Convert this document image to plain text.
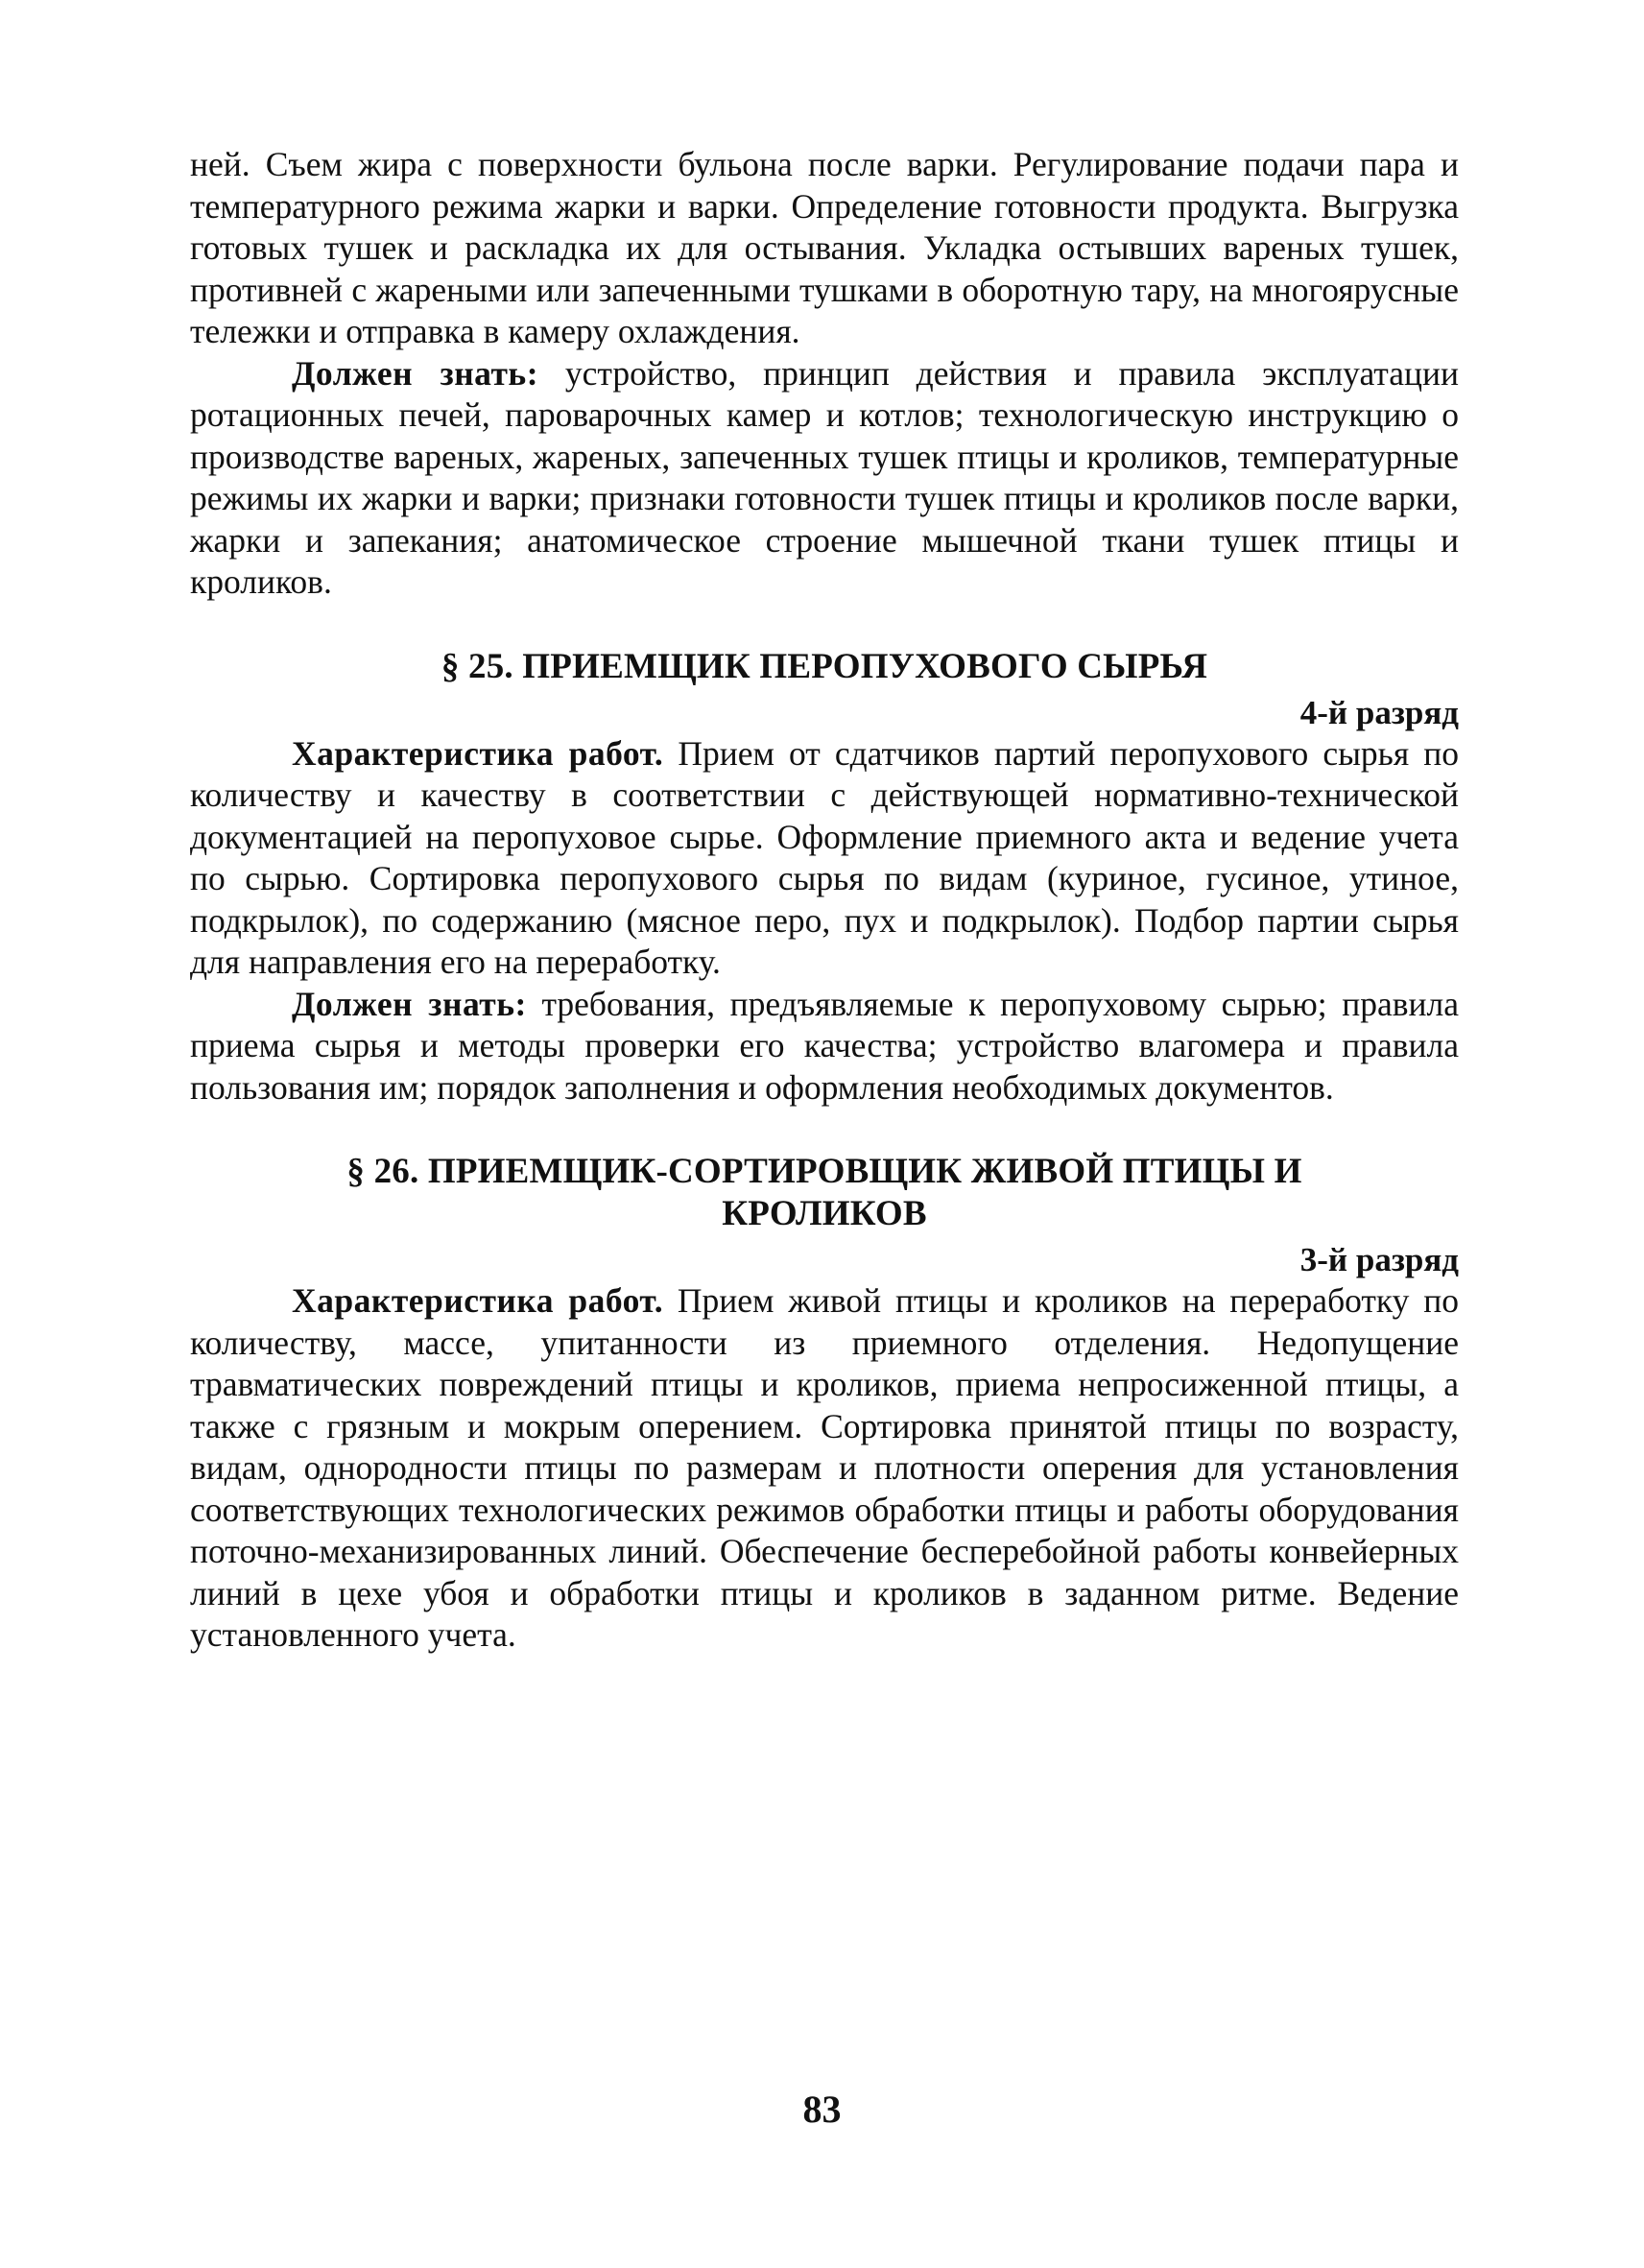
ней. Съем жира с поверхности бульона после варки. Регулирование подачи пара и температурного режима жарки и варки. Определение готовности продукта. Выгрузка готовых тушек и раскладка их для остывания. Укладка остывших вареных тушек, противней с жареными или запеченными тушками в оборотную тару, на многоярусные тележки и отправка в камеру охлаждения.

Должен знать: устройство, принцип действия и правила эксплуатации ротационных печей, пароварочных камер и котлов; технологическую инструкцию о производстве вареных, жареных, запеченных тушек птицы и кроликов, температурные режимы их жарки и варки; признаки готовности тушек птицы и кроликов после варки, жарки и запекания; анатомическое строение мышечной ткани тушек птицы и кроликов.

§ 25. ПРИЕМЩИК ПЕРОПУХОВОГО СЫРЬЯ
4-й разряд

Характеристика работ. Прием от сдатчиков партий перопухового сырья по количеству и качеству в соответствии с действующей нормативно-технической документацией на перопуховое сырье. Оформление приемного акта и ведение учета по сырью. Сортировка перопухового сырья по видам (куриное, гусиное, утиное, подкрылок), по содержанию (мясное перо, пух и подкрылок). Подбор партии сырья для направления его на переработку.

Должен знать: требования, предъявляемые к перопуховому сырью; правила приема сырья и методы проверки его качества; устройство влагомера и правила пользования им; порядок заполнения и оформления необходимых документов.

§ 26. ПРИЕМЩИК-СОРТИРОВЩИК ЖИВОЙ ПТИЦЫ И
КРОЛИКОВ
3-й разряд

Характеристика работ. Прием живой птицы и кроликов на переработку по количеству, массе, упитанности из приемного отделения. Недопущение травматических повреждений птицы и кроликов, приема непросиженной птицы, а также с грязным и мокрым оперением. Сортировка принятой птицы по возрасту, видам, однородности птицы по размерам и плотности оперения для установления соответствующих технологических режимов обработки птицы и работы оборудования поточно-механизированных линий. Обеспечение бесперебойной работы конвейерных линий в цехе убоя и обработки птицы и кроликов в заданном ритме. Ведение установленного учета.

83
